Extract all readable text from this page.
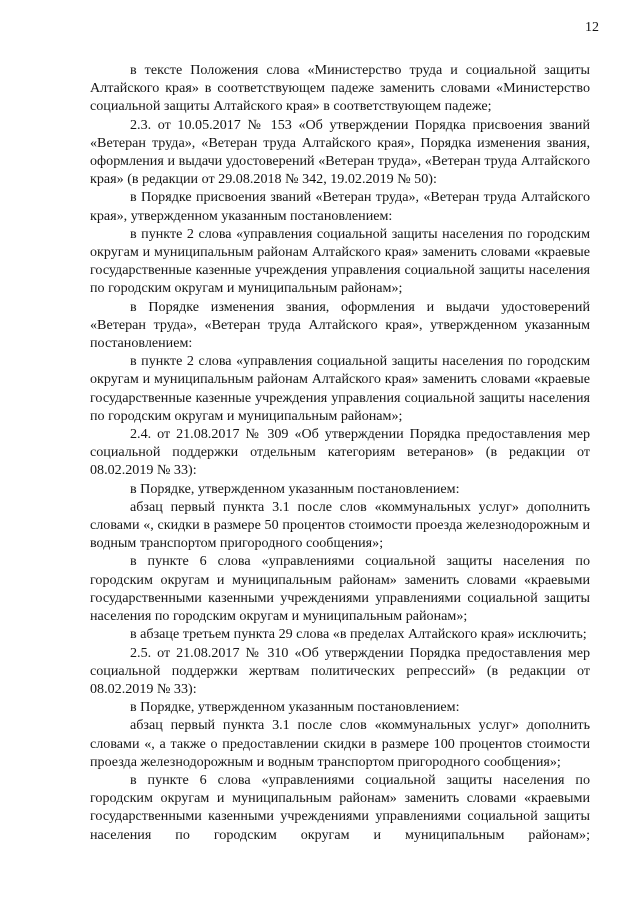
12

в тексте Положения слова «Министерство труда и социальной защиты Алтайского края» в соответствующем падеже заменить словами «Министерство социальной защиты Алтайского края» в соответствующем падеже;

2.3. от 10.05.2017 № 153 «Об утверждении Порядка присвоения званий «Ветеран труда», «Ветеран труда Алтайского края», Порядка изменения звания, оформления и выдачи удостоверений «Ветеран труда», «Ветеран труда Алтайского края» (в редакции от 29.08.2018 № 342, 19.02.2019 № 50):

в Порядке присвоения званий «Ветеран труда», «Ветеран труда Алтайского края», утвержденном указанным постановлением:

в пункте 2 слова «управления социальной защиты населения по городским округам и муниципальным районам Алтайского края» заменить словами «краевые государственные казенные учреждения управления социальной защиты населения по городским округам и муниципальным районам»;

в Порядке изменения звания, оформления и выдачи удостоверений «Ветеран труда», «Ветеран труда Алтайского края», утвержденном указанным постановлением:

в пункте 2 слова «управления социальной защиты населения по городским округам и муниципальным районам Алтайского края» заменить словами «краевые государственные казенные учреждения управления социальной защиты населения по городским округам и муниципальным районам»;

2.4. от 21.08.2017 № 309 «Об утверждении Порядка предоставления мер социальной поддержки отдельным категориям ветеранов» (в редакции от 08.02.2019 № 33):

в Порядке, утвержденном указанным постановлением:

абзац первый пункта 3.1 после слов «коммунальных услуг» дополнить словами «, скидки в размере 50 процентов стоимости проезда железнодорожным и водным транспортом пригородного сообщения»;

в пункте 6 слова «управлениями социальной защиты населения по городским округам и муниципальным районам» заменить словами «краевыми государственными казенными учреждениями управлениями социальной защиты населения по городским округам и муниципальным районам»;

в абзаце третьем пункта 29 слова «в пределах Алтайского края» исключить;

2.5. от 21.08.2017 № 310 «Об утверждении Порядка предоставления мер социальной поддержки жертвам политических репрессий» (в редакции от 08.02.2019 № 33):

в Порядке, утвержденном указанным постановлением:

абзац первый пункта 3.1 после слов «коммунальных услуг» дополнить словами «, а также о предоставлении скидки в размере 100 процентов стоимости проезда железнодорожным и водным транспортом пригородного сообщения»;

в пункте 6 слова «управлениями социальной защиты населения по городским округам и муниципальным районам» заменить словами «краевыми государственными казенными учреждениями управлениями социальной защиты населения по городским округам и муниципальным районам»;
